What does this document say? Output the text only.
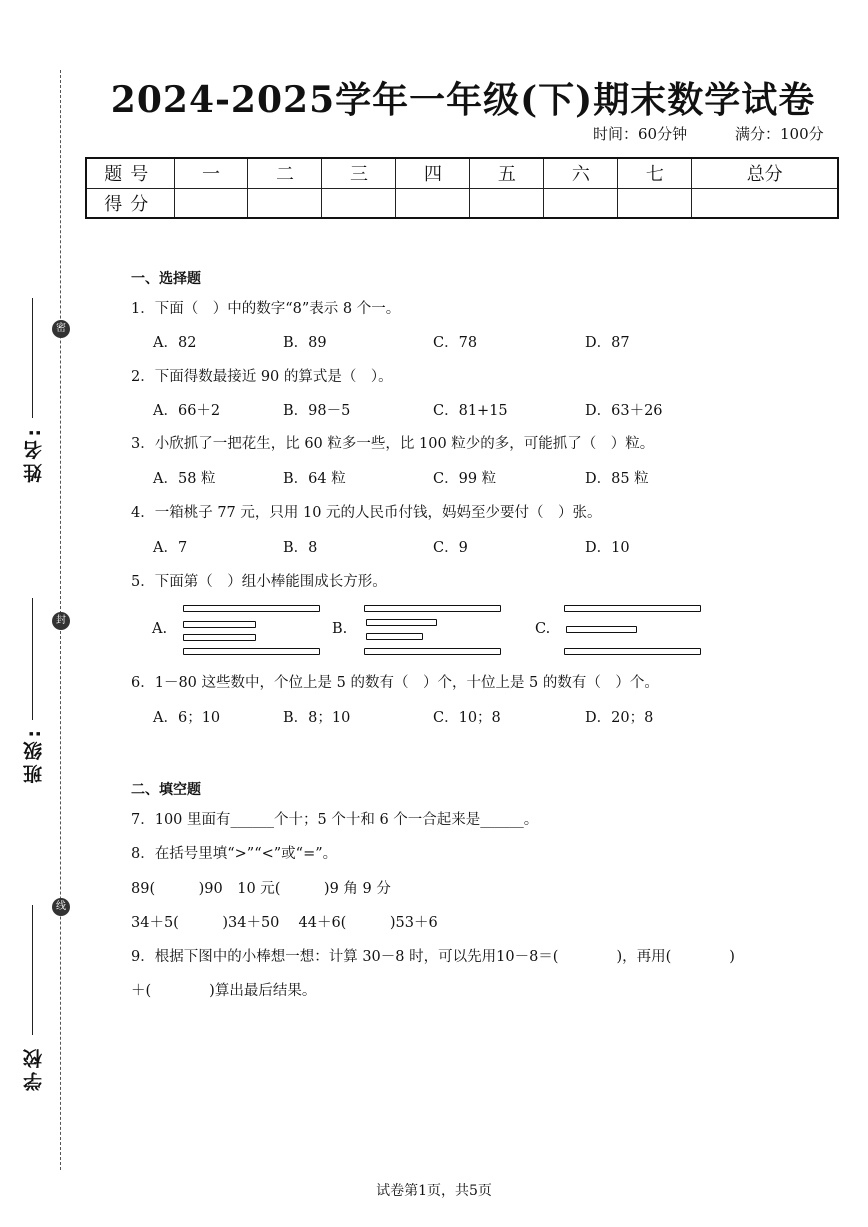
姓名:
密
班级:
封
学校
线
2024-2025学年一年级(下)期末数学试卷
时间：60分钟	满分：100分
题号	一	二	三	四	五	六	七	总分
得分								
一、选择题
1．下面（　）中的数字“8”表示 8 个一。
A．82	B．89	C．78	D．87
2．下面得数最接近 90 的算式是（　）。
A．66＋2	B．98－5	C．81+15	D．63＋26
3．小欣抓了一把花生，比 60 粒多一些，比 100 粒少的多，可能抓了（　）粒。
A．58 粒	B．64 粒	C．99 粒	D．85 粒
4．一箱桃子 77 元，只用 10 元的人民币付钱，妈妈至少要付（　）张。
A．7	B．8	C．9	D．10
5．下面第（　）组小棒能围成长方形。
A.	B.	C.
6．1－80 这些数中，个位上是 5 的数有（　）个，十位上是 5 的数有（　）个。
A．6；10	B．8；10	C．10；8	D．20；8
二、填空题
7．100 里面有______个十；5 个十和 6 个一合起来是______。
8．在括号里填“>”“<”或“=”。
89(　　　)90　10 元(　　　)9 角 9 分
34＋5(　　　)34＋50　 44＋6(　　　)53＋6
9．根据下图中的小棒想一想：计算 30－8 时，可以先用10－8＝(　　　　)，再用(　　　　)
＋(　　　　)算出最后结果。
试卷第1页，共5页
